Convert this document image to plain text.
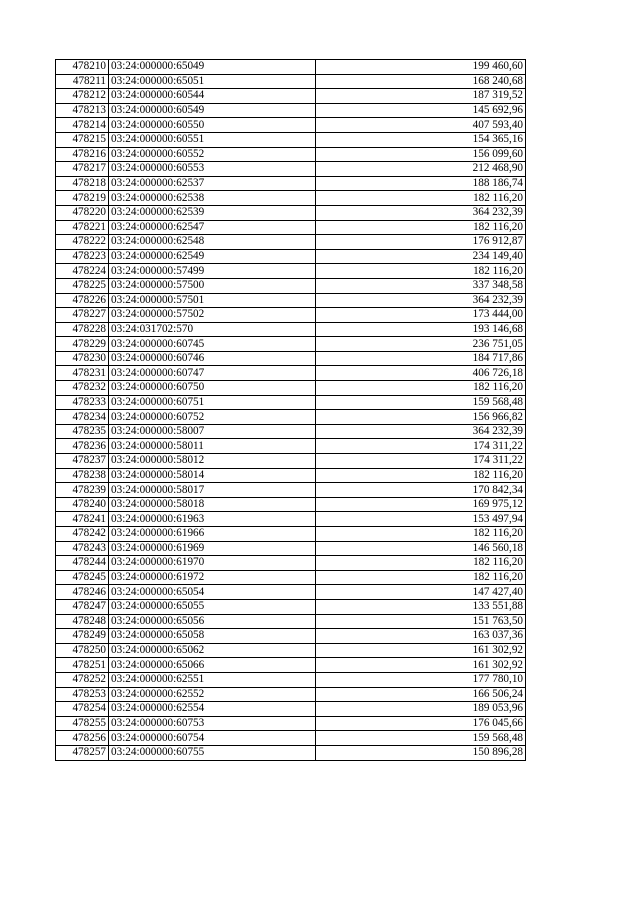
478210	03:24:000000:65049	199 460,60
478211	03:24:000000:65051	168 240,68
478212	03:24:000000:60544	187 319,52
478213	03:24:000000:60549	145 692,96
478214	03:24:000000:60550	407 593,40
478215	03:24:000000:60551	154 365,16
478216	03:24:000000:60552	156 099,60
478217	03:24:000000:60553	212 468,90
478218	03:24:000000:62537	188 186,74
478219	03:24:000000:62538	182 116,20
478220	03:24:000000:62539	364 232,39
478221	03:24:000000:62547	182 116,20
478222	03:24:000000:62548	176 912,87
478223	03:24:000000:62549	234 149,40
478224	03:24:000000:57499	182 116,20
478225	03:24:000000:57500	337 348,58
478226	03:24:000000:57501	364 232,39
478227	03:24:000000:57502	173 444,00
478228	03:24:031702:570	193 146,68
478229	03:24:000000:60745	236 751,05
478230	03:24:000000:60746	184 717,86
478231	03:24:000000:60747	406 726,18
478232	03:24:000000:60750	182 116,20
478233	03:24:000000:60751	159 568,48
478234	03:24:000000:60752	156 966,82
478235	03:24:000000:58007	364 232,39
478236	03:24:000000:58011	174 311,22
478237	03:24:000000:58012	174 311,22
478238	03:24:000000:58014	182 116,20
478239	03:24:000000:58017	170 842,34
478240	03:24:000000:58018	169 975,12
478241	03:24:000000:61963	153 497,94
478242	03:24:000000:61966	182 116,20
478243	03:24:000000:61969	146 560,18
478244	03:24:000000:61970	182 116,20
478245	03:24:000000:61972	182 116,20
478246	03:24:000000:65054	147 427,40
478247	03:24:000000:65055	133 551,88
478248	03:24:000000:65056	151 763,50
478249	03:24:000000:65058	163 037,36
478250	03:24:000000:65062	161 302,92
478251	03:24:000000:65066	161 302,92
478252	03:24:000000:62551	177 780,10
478253	03:24:000000:62552	166 506,24
478254	03:24:000000:62554	189 053,96
478255	03:24:000000:60753	176 045,66
478256	03:24:000000:60754	159 568,48
478257	03:24:000000:60755	150 896,28
